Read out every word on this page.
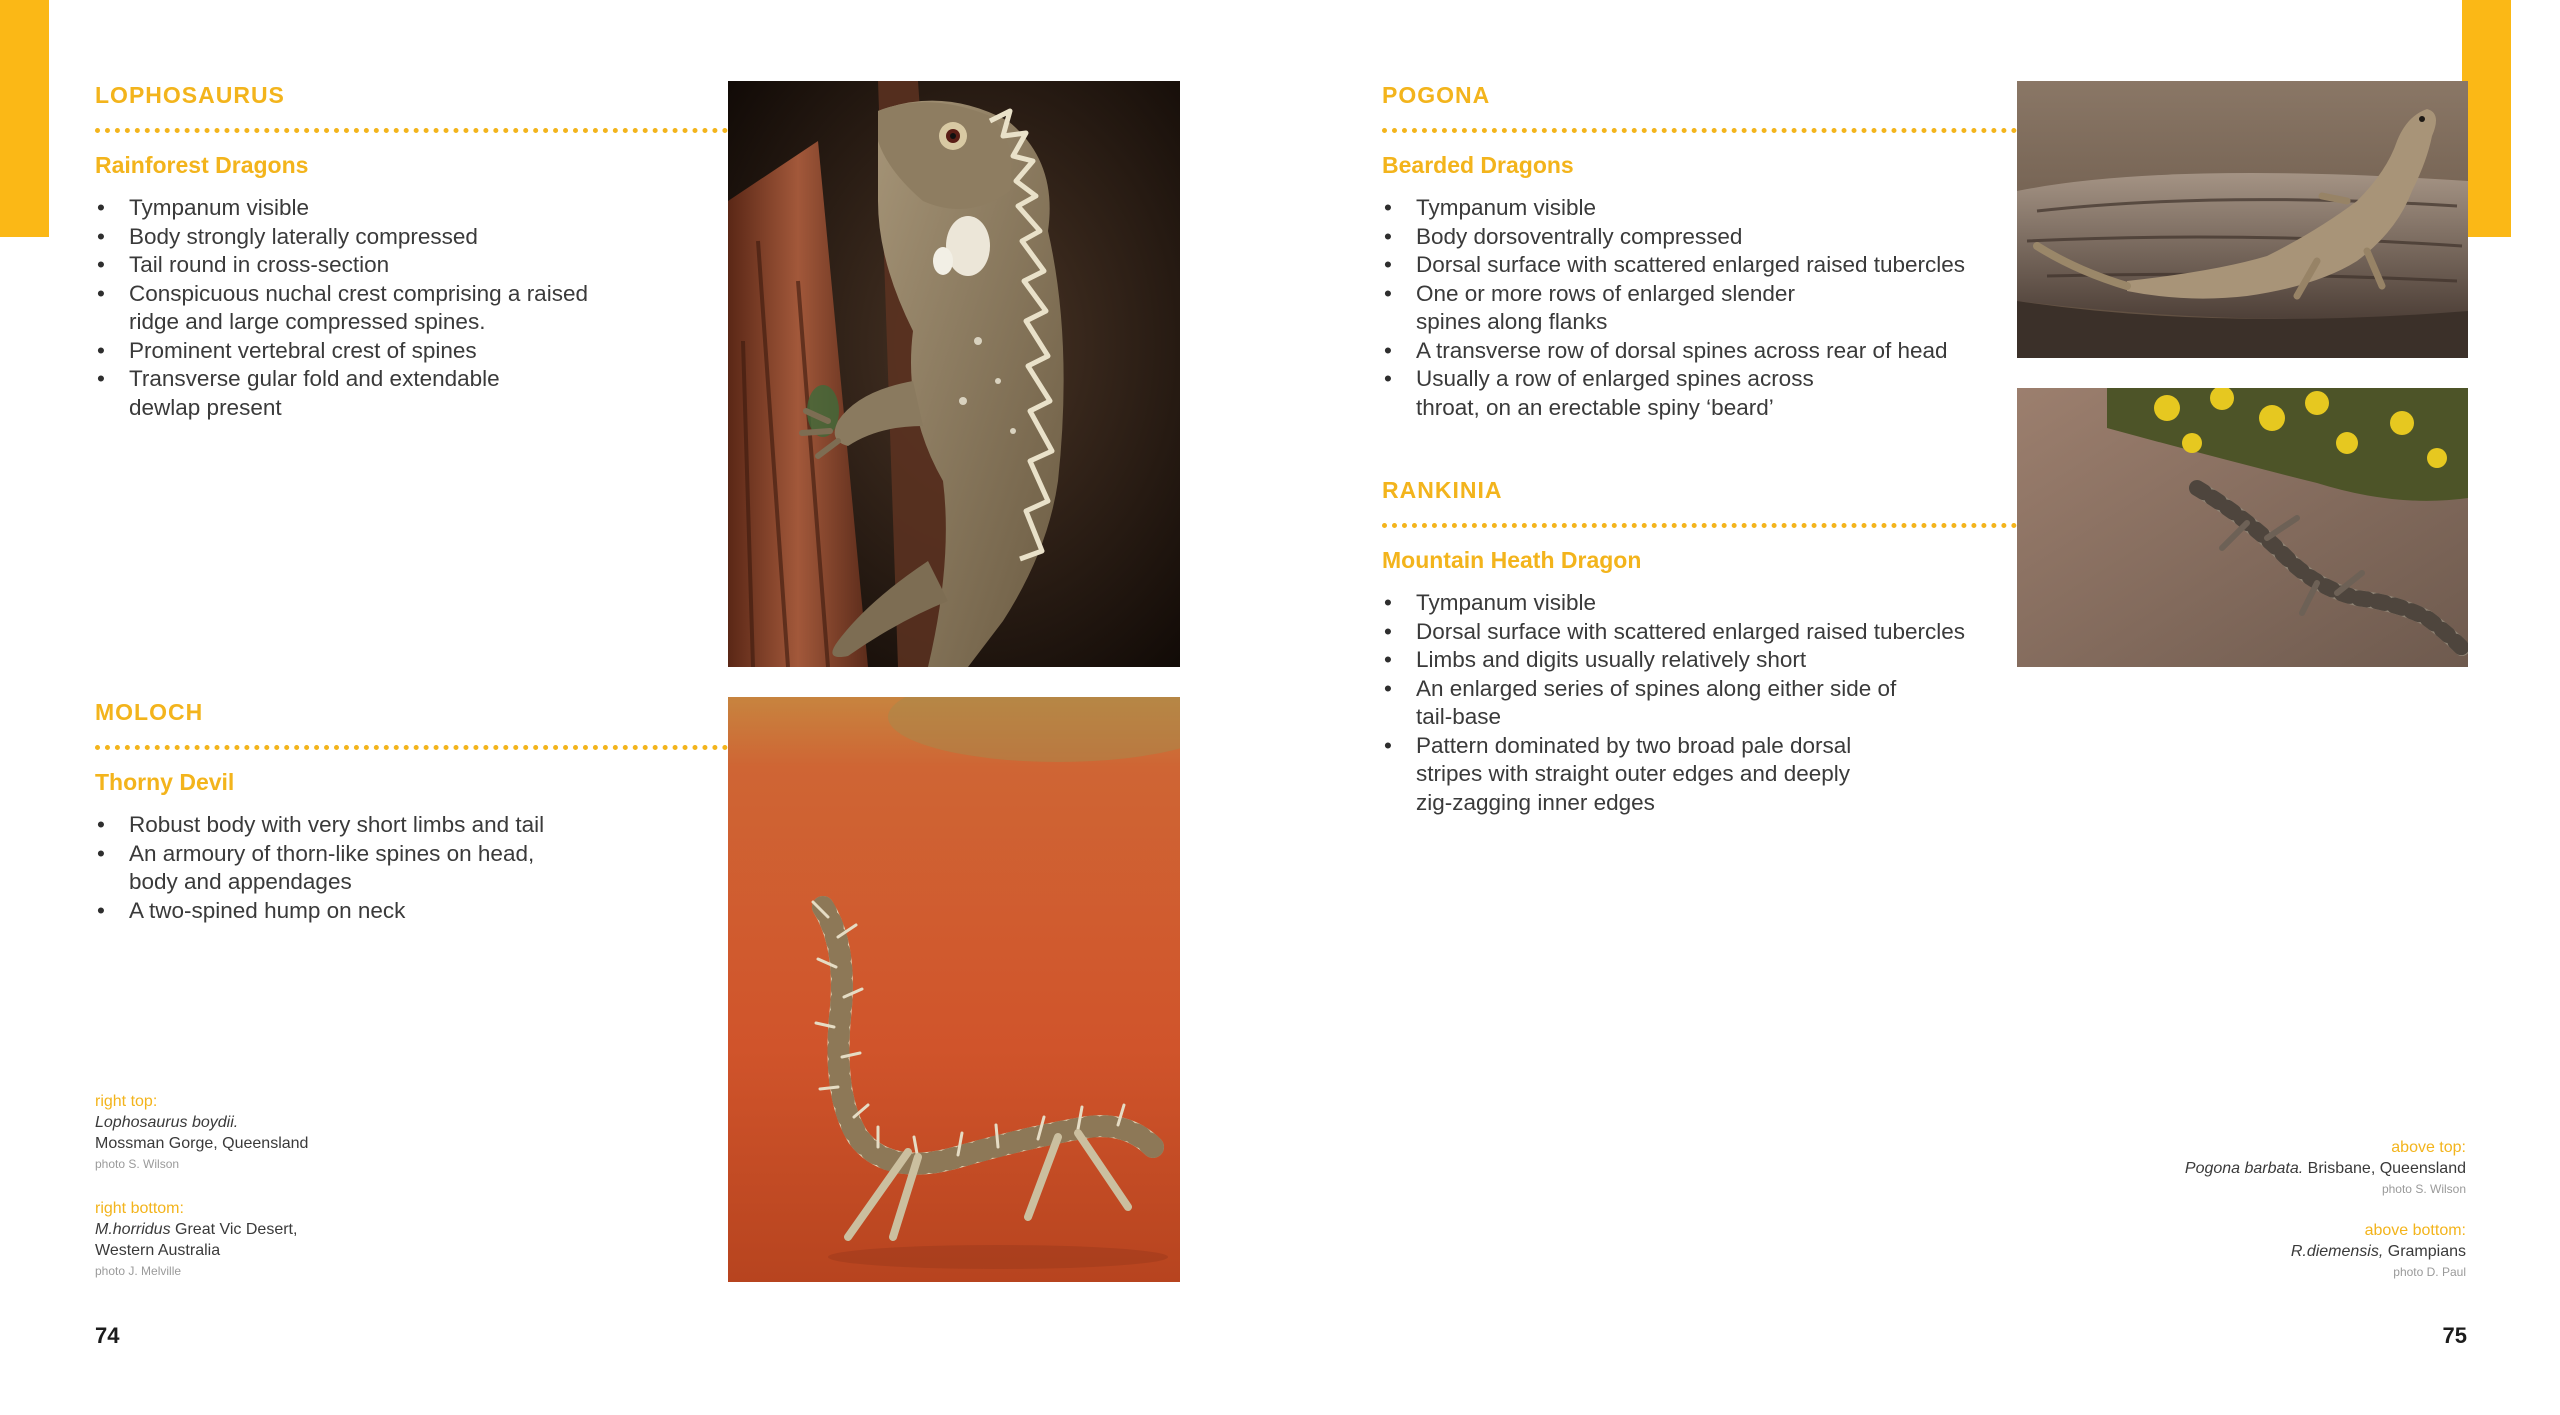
LOPHOSAURUS
Rainforest Dragons
• Tympanum visible
• Body strongly laterally compressed
• Tail round in cross-section
• Conspicuous nuchal crest comprising a raised
ridge and large compressed spines.
• Prominent vertebral crest of spines
• Transverse gular fold and extendable
dewlap present
MOLOCH
Thorny Devil
• Robust body with very short limbs and tail
• An armoury of thorn-like spines on head,
body and appendages
• A two-spined hump on neck
POGONA
Bearded Dragons
• Tympanum visible
• Body dorsoventrally compressed
• Dorsal surface with scattered enlarged raised tubercles
• One or more rows of enlarged slender
spines along flanks
• A transverse row of dorsal spines across rear of head
• Usually a row of enlarged spines across
throat, on an erectable spiny ‘beard’
RANKINIA
Mountain Heath Dragon
• Tympanum visible
• Dorsal surface with scattered enlarged raised tubercles
• Limbs and digits usually relatively short
• An enlarged series of spines along either side of
tail-base
• Pattern dominated by two broad pale dorsal
stripes with straight outer edges and deeply
zig-zagging inner edges
right top:
Lophosaurus boydii.
Mossman Gorge, Queensland
photo S. Wilson
right bottom:
M.horridus Great Vic Desert,
Western Australia
photo J. Melville
above top:
Pogona barbata. Brisbane, Queensland
photo S. Wilson
above bottom:
R.diemensis, Grampians
photo D. Paul
74	75
